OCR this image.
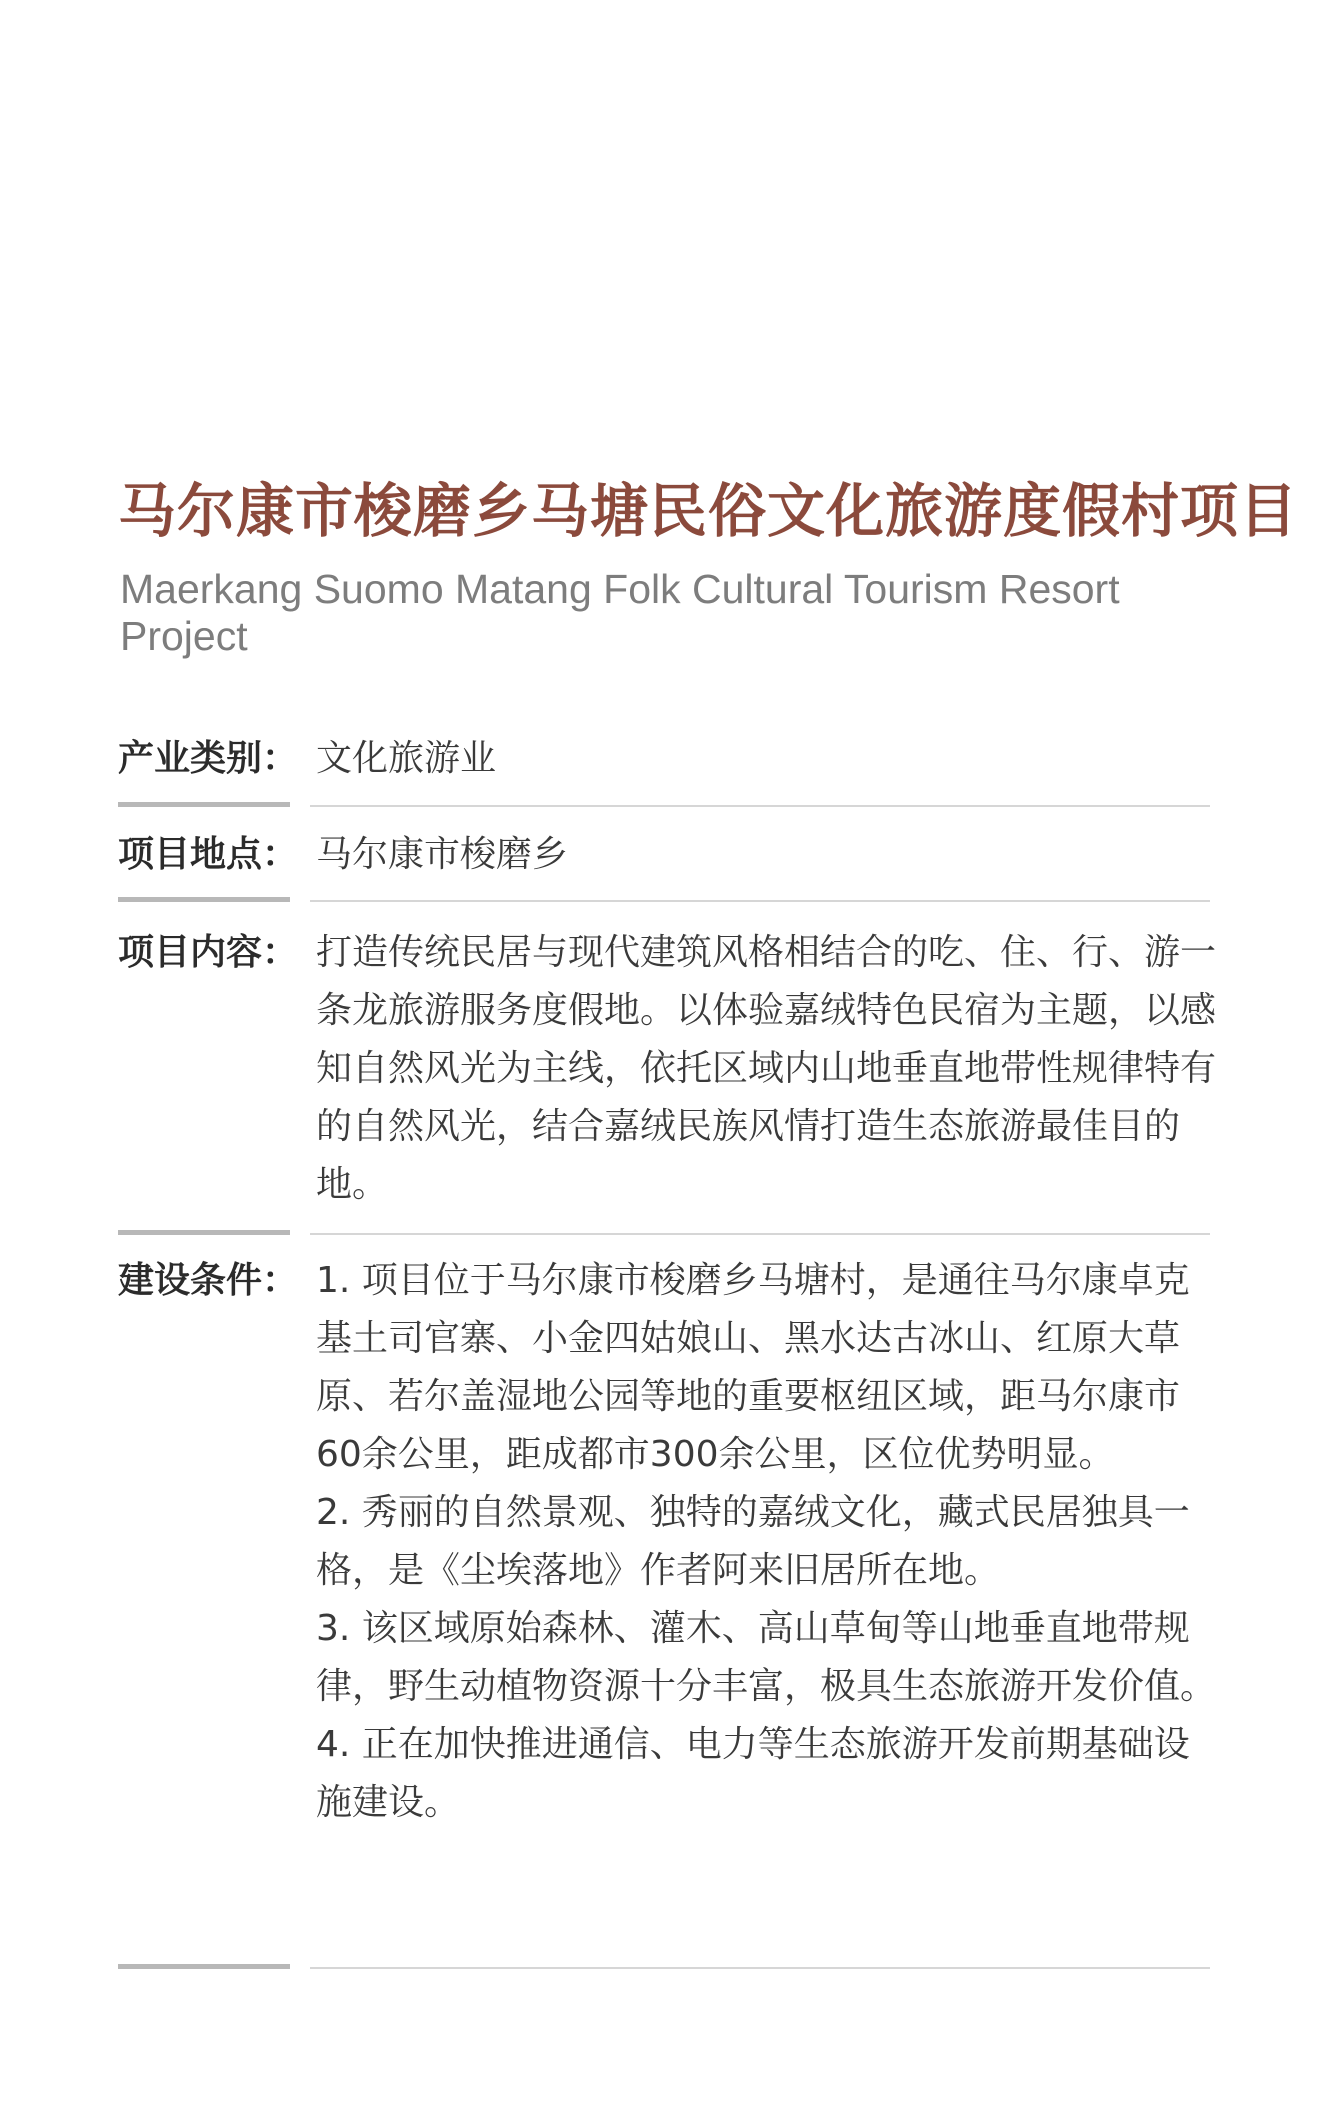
马尔康市梭磨乡马塘民俗文化旅游度假村项目
Maerkang Suomo Matang Folk Cultural Tourism Resort Project
产业类别： 文化旅游业
项目地点： 马尔康市梭磨乡
项目内容： 打造传统民居与现代建筑风格相结合的吃、住、行、游一条龙旅游服务度假地。以体验嘉绒特色民宿为主题，以感知自然风光为主线，依托区域内山地垂直地带性规律特有的自然风光，结合嘉绒民族风情打造生态旅游最佳目的地。
建设条件： 1. 项目位于马尔康市梭磨乡马塘村，是通往马尔康卓克基土司官寨、小金四姑娘山、黑水达古冰山、红原大草原、若尔盖湿地公园等地的重要枢纽区域，距马尔康市60余公里，距成都市300余公里，区位优势明显。

2. 秀丽的自然景观、独特的嘉绒文化，藏式民居独具一格，是《尘埃落地》作者阿来旧居所在地。

3. 该区域原始森林、灌木、高山草甸等山地垂直地带规律，野生动植物资源十分丰富，极具生态旅游开发价值。

4. 正在加快推进通信、电力等生态旅游开发前期基础设施建设。
